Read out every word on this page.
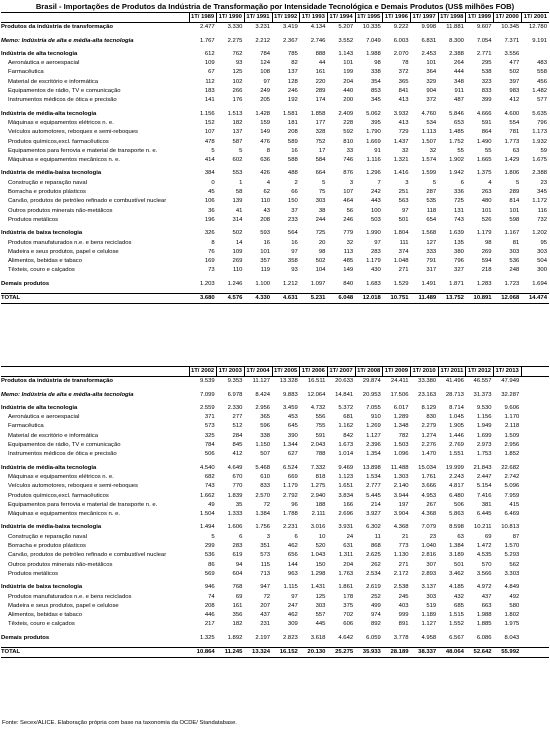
Brasil - Importações de Produtos da Indústria de Transformação por Intensidade Tecnológica e Demais Produtos (US$ milhões FOB)
	1T/ 1989	1T/ 1990	1T/ 1991	1T/ 1992	1T/ 1993	1T/ 1994	1T/ 1995	1T/ 1996	1T/ 1997	1T/ 1998	1T/ 1999	1T/ 2000	1T/ 2001
Produtos da indústria de transformação	2.477	3.330	3.231	3.419	4.134	5.207	10.335	9.222	9.998	11.881	9.607	10.345	12.780

Memo: Indústria de alta e média-alta tecnologia	1.767	2.275	2.212	2.367	2.746	3.552	7.049	6.003	6.831	8.300	7.054	7.371	9.191

Indústria de alta tecnologia	612	762	784	785	888	1.143	1.988	2.070	2.453	2.388	2.771	3.556	
Aeronáutica e aeroespacial	109	93	124	82	44	101	98	78	101	264	295	477	483
Farmacêutica	67	125	108	137	161	199	338	372	364	444	538	502	558
Material de escritório e informática	112	102	97	128	220	204	354	365	329	348	323	397	456
Equipamentos de rádio, TV e comunicação	183	266	249	246	289	440	853	841	904	911	833	983	1.482
Instrumentos médicos de ótica e precisão	141	176	205	192	174	200	345	413	372	487	399	412	577

Indústria de média-alta tecnologia	1.156	1.513	1.428	1.581	1.858	2.409	5.062	3.932	4.760	5.846	4.666	4.600	5.635
Máquinas e equipamentos elétricos n. e.	152	182	159	181	177	228	395	413	534	653	591	554	796
Veículos automotores, reboques e semi-reboques	107	137	149	208	328	592	1.790	729	1.113	1.485	864	781	1.173
Produtos químicos,excl. farmacêuticos	478	587	476	589	752	810	1.669	1.437	1.507	1.752	1.490	1.773	1.932
Equipamentos para ferrovia e material de transporte n. e.	5	5	8	16	17	33	91	32	32	55	55	63	59
Máquinas e equipamentos mecânicos n. e.	414	602	636	588	584	746	1.116	1.321	1.574	1.902	1.665	1.429	1.675

Indústria de média-baixa tecnologia	384	553	426	488	664	876	1.296	1.416	1.599	1.942	1.375	1.806	2.388
Construção e reparação naval	0	1	4	2	5	3	7	3	5	6	4	5	23
Borracha e produtos plásticos	45	58	62	66	75	107	242	251	287	336	263	289	345
Carvão, produtos de petróleo refinado e combustível nuclear	106	139	110	150	303	464	443	563	535	725	480	814	1.172
Outros produtos minerais não-metálicos	36	41	43	37	38	56	100	97	118	131	101	101	116
Produtos metálicos	196	314	208	233	244	246	503	501	654	743	526	598	732

Indústria de baixa tecnologia	326	502	593	564	725	779	1.990	1.804	1.568	1.639	1.179	1.167	1.202
Produtos manufaturados n.e. e bens reciclados	8	14	16	16	20	32	97	111	127	135	98	81	95
Madeira e seus produtos, papel e celulose	76	109	101	97	98	113	283	374	333	380	269	303	303
Alimentos, bebidas e tabaco	169	269	357	358	502	485	1.179	1.048	791	796	594	536	504
Têxteis, couro e calçados	73	110	119	93	104	149	430	271	317	327	218	248	300

Demais produtos	1.203	1.246	1.100	1.212	1.097	840	1.683	1.529	1.491	1.871	1.283	1.723	1.694

TOTAL	3.680	4.576	4.330	4.631	5.231	6.048	12.018	10.751	11.489	13.752	10.891	12.068	14.474
	1T/ 2002	1T/ 2003	1T/ 2004	1T/ 2005	1T/ 2006	1T/ 2007	1T/ 2008	1T/ 2009	1T/ 2010	1T/ 2011	1T/ 2012	1T/ 2013	
Produtos da indústria de transformação	9.539	9.353	11.127	13.328	16.511	20.633	29.874	24.411	33.380	41.496	46.557	47.949	

Memo: Indústria de alta e média-alta tecnologia	7.099	6.978	8.424	9.883	12.064	14.841	20.953	17.506	23.163	28.713	31.373	32.287	

Indústria de alta tecnologia	2.559	2.330	2.956	3.459	4.732	5.372	7.055	6.017	8.129	8.714	9.530	9.606	
Aeronáutica e aeroespacial	371	277	365	453	556	681	910	1.289	830	1.045	1.156	1.170	
Farmacêutica	573	512	596	645	755	1.162	1.269	1.348	2.279	1.905	1.949	2.118	
Material de escritório e informática	325	284	338	390	591	842	1.127	782	1.274	1.446	1.699	1.509	
Equipamentos de rádio, TV e comunicação	784	845	1.150	1.344	2.043	1.673	2.396	1.503	2.276	2.769	2.973	2.956	
Instrumentos médicos de ótica e precisão	506	412	507	627	788	1.014	1.354	1.096	1.470	1.551	1.753	1.852	

Indústria de média-alta tecnologia	4.540	4.649	5.468	6.524	7.332	9.469	13.898	11.488	15.034	19.999	21.843	22.682	
Máquinas e equipamentos elétricos n. e.	682	670	610	669	818	1.123	1.534	1.303	1.761	2.243	2.447	2.742	
Veículos automotores, reboques e semi-reboques	743	770	833	1.179	1.275	1.651	2.777	2.140	3.666	4.817	5.154	5.096	
Produtos químicos,excl. farmacêuticos	1.662	1.839	2.570	2.792	2.940	3.834	5.445	3.944	4.953	6.480	7.416	7.959	
Equipamentos para ferrovia e material de transporte n. e.	49	35	72	96	188	166	214	197	267	506	381	415	
Máquinas e equipamentos mecânicos n. e.	1.504	1.333	1.384	1.788	2.111	2.696	3.927	3.904	4.368	5.863	6.445	6.469	

Indústria de média-baixa tecnologia	1.494	1.606	1.756	2.231	3.016	3.931	6.302	4.368	7.079	8.598	10.211	10.813	
Construção e reparação naval	5	6	3	6	10	24	11	21	23	63	69	87	
Borracha e produtos plásticos	299	283	351	462	520	631	868	773	1.040	1.384	1.472	1.570	
Carvão, produtos de petróleo refinado e combustível nuclear	536	619	573	656	1.043	1.311	2.625	1.130	2.816	3.189	4.535	5.293	
Outros produtos minerais não-metálicos	86	94	115	144	150	204	262	271	307	501	570	562	
Produtos metálicos	569	604	713	963	1.298	1.763	2.534	2.172	2.893	3.462	3.566	3.303	

Indústria de baixa tecnologia	946	768	947	1.115	1.431	1.861	2.619	2.538	3.137	4.185	4.972	4.849	
Produtos manufaturados n.e. e bens reciclados	74	69	72	97	125	178	252	245	303	432	437	492	
Madeira e seus produtos, papel e celulose	208	161	207	247	303	375	499	403	519	685	663	580	
Alimentos, bebidas e tabaco	446	356	437	462	557	702	974	999	1.189	1.515	1.988	1.802	
Têxteis, couro e calçados	217	182	231	309	445	606	892	891	1.127	1.552	1.885	1.975	

Demais produtos	1.325	1.892	2.197	2.823	3.618	4.642	6.059	3.778	4.958	6.567	6.086	8.043	

TOTAL	10.864	11.245	13.324	16.152	20.130	25.275	35.933	28.189	38.337	48.064	52.642	55.992	
Fonte: Secex/ALICE. Elaboração própria com base na taxonomia da OCDE/ Standatabase.
